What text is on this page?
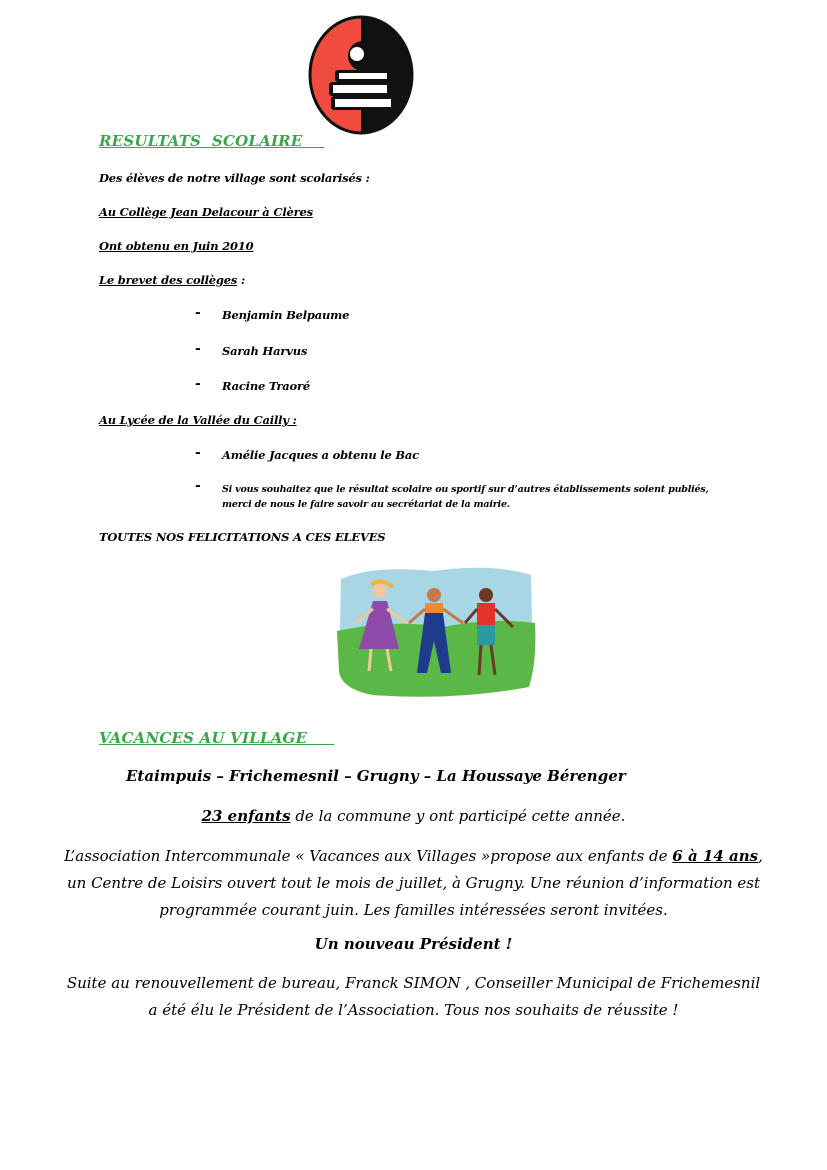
RESULTATS  SCOLAIRE
Des élèves de notre village sont scolarisés :
Au Collège Jean Delacour à Clères
Ont obtenu en Juin 2010
Le brevet des collèges :
- Benjamin Belpaume
- Sarah Harvus
- Racine Traoré
Au Lycée de la Vallée du Cailly :
- Amélie Jacques a obtenu le Bac
- Si vous souhaitez que le résultat scolaire ou sportif sur d’autres établissements soient publiés, merci de nous le faire savoir au secrétariat de la mairie.
TOUTES NOS FELICITATIONS A CES ELEVES
VACANCES AU VILLAGE
Etaimpuis – Frichemesnil – Grugny – La Houssaye Bérenger
23 enfants de la commune y ont participé cette année.
L’association Intercommunale « Vacances aux Villages »propose aux enfants de 6 à 14 ans,
un Centre de Loisirs ouvert tout le mois de juillet, à Grugny. Une réunion d’information est
programmée courant juin. Les familles intéressées seront invitées.
Un nouveau Président !
Suite au renouvellement de bureau, Franck SIMON , Conseiller Municipal de Frichemesnil
a été élu le Président de l’Association. Tous nos souhaits de réussite !
